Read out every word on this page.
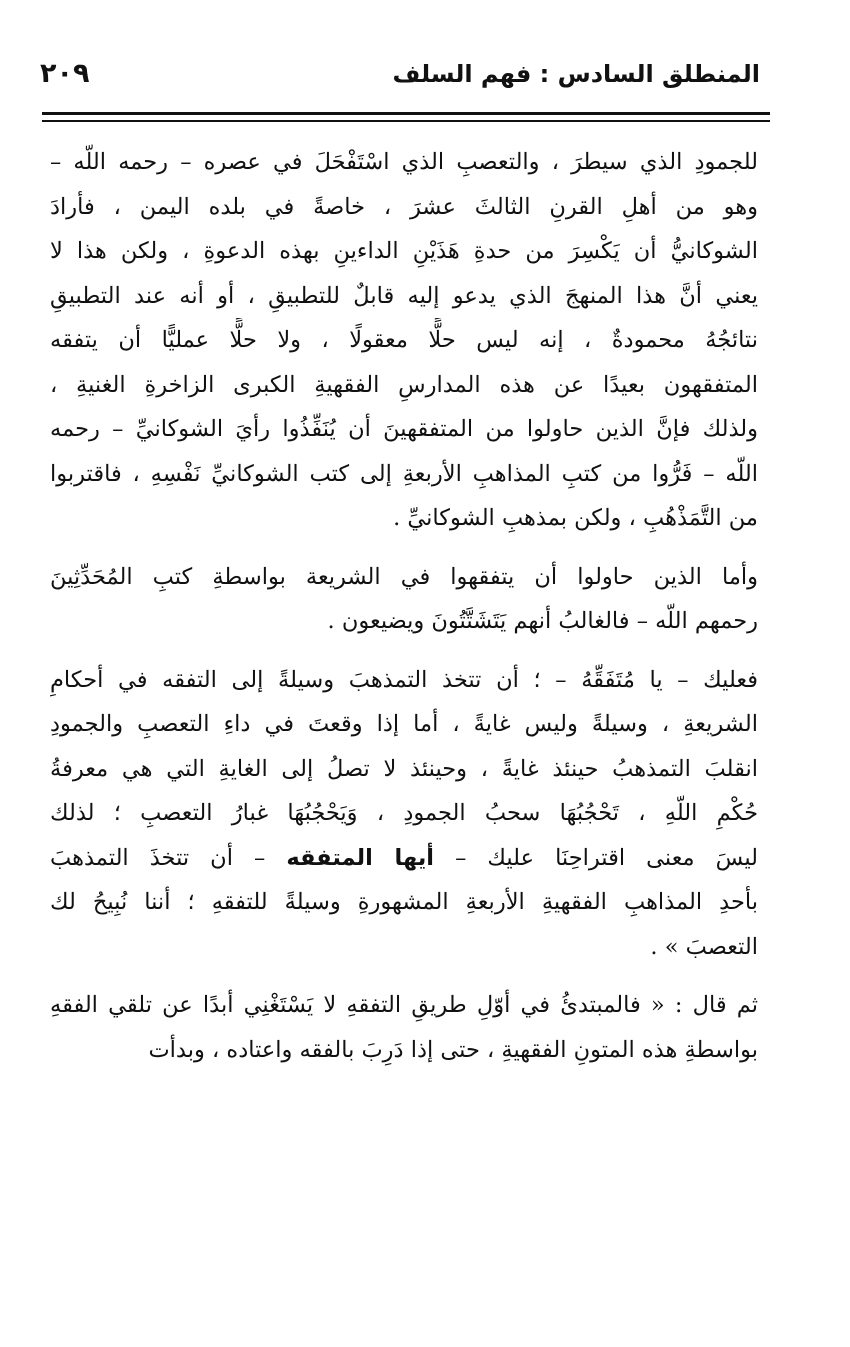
المنطلق السادس : فهم السلف
٢٠٩

للجمودِ الذي سيطرَ ، والتعصبِ الذي اسْتَفْحَلَ في عصره – رحمه اللّه –
وهو من أهلِ القرنِ الثالثَ عشرَ ، خاصةً في بلده اليمن ، فأرادَ
الشوكانيُّ أن يَكْسِرَ من حدةِ هَذَيْنِ الداءينِ بهذه الدعوةِ ، ولكن هذا لا
يعني أنَّ هذا المنهجَ الذي يدعو إليه قابلٌ للتطبيقِ ، أو أنه عند التطبيقِ
نتائجُهُ محمودةٌ ، إنه ليس حلًّا معقولًا ، ولا حلًّا عمليًّا أن يتفقه
المتفقهون بعيدًا عن هذه المدارسِ الفقهيةِ الكبرى الزاخرةِ الغنيةِ ،
ولذلك فإنَّ الذين حاولوا من المتفقهينَ أن يُنَفِّذُوا رأيَ الشوكانيِّ – رحمه
اللّه – فَرُّوا من كتبِ المذاهبِ الأربعةِ إلى كتب الشوكانيِّ نَفْسِهِ ، فاقتربوا
من التَّمَذْهُبِ ، ولكن بمذهبِ الشوكانيِّ .

وأما الذين حاولوا أن يتفقهوا في الشريعة بواسطةِ كتبِ المُحَدِّثِينَ
رحمهم اللّه – فالغالبُ أنهم يَتَشَتَّتُونَ ويضيعون .

فعليك – يا مُتَفَقِّهُ – ؛ أن تتخذ التمذهبَ وسيلةً إلى التفقه في أحكامِ
الشريعةِ ، وسيلةً وليس غايةً ، أما إذا وقعتَ في داءِ التعصبِ والجمودِ
انقلبَ التمذهبُ حينئذ غايةً ، وحينئذ لا تصلُ إلى الغايةِ التي هي معرفةُ
حُكْمِ اللّهِ ، تَحْجُبُهَا سحبُ الجمودِ ، وَيَحْجُبُهَا غبارُ التعصبِ ؛ لذلك
ليسَ معنى اقتراحِنَا عليك – أيها المتفقه – أن تتخذَ التمذهبَ
بأحدِ المذاهبِ الفقهيةِ الأربعةِ المشهورةِ وسيلةً للتفقهِ ؛ أننا نُبِيحُ لك
التعصبَ » .

ثم قال : « فالمبتدئُ في أوّلِ طريقِ التفقهِ لا يَسْتَغْنِي أبدًا عن تلقي الفقهِ
بواسطةِ هذه المتونِ الفقهيةِ ، حتى إذا دَرِبَ بالفقه واعتاده ، وبدأت
